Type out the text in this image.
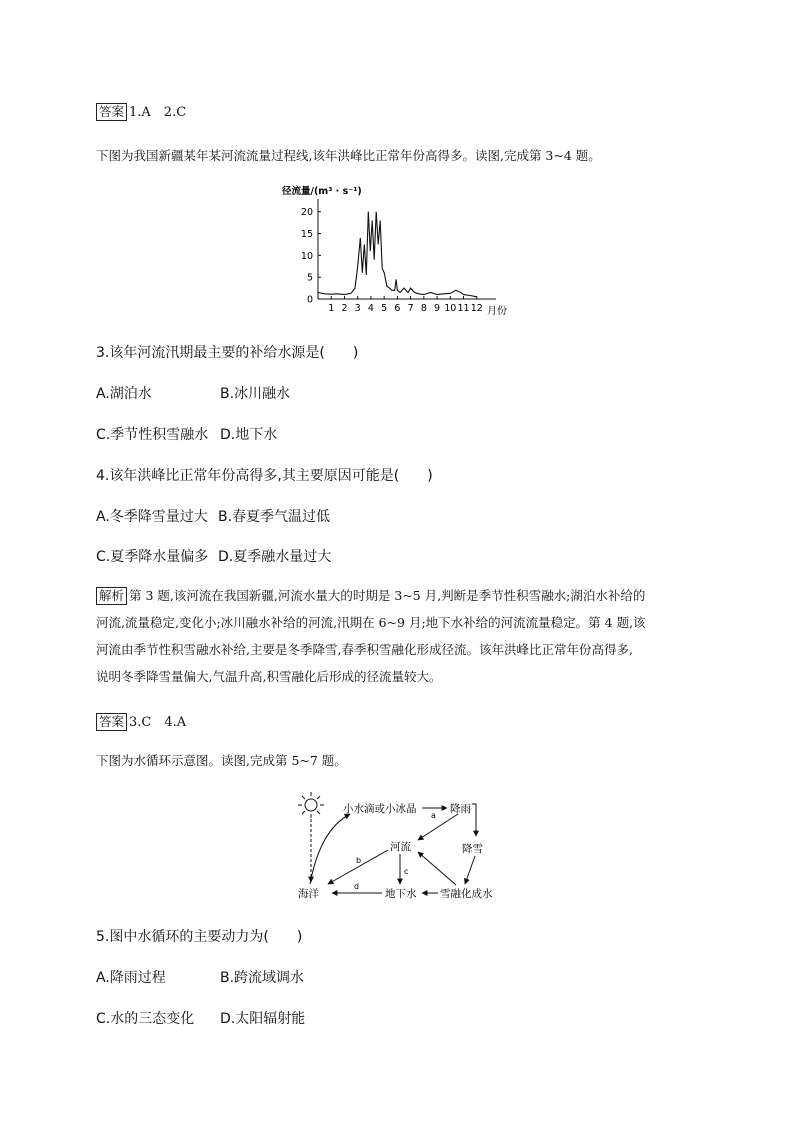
答案 1.A　2.C
下图为我国新疆某年某河流流量过程线,该年洪峰比正常年份高得多。读图,完成第 3~4 题。
径流量/(m³ · s⁻¹)
月份
0
5
10
15
20
1 2 3 4 5 6 7 8 9 10 11 12
3.该年河流汛期最主要的补给水源是(　　)
A.湖泊水	B.冰川融水
C.季节性积雪融水 D.地下水
4.该年洪峰比正常年份高得多,其主要原因可能是(　　)
A.冬季降雪量过大 B.春夏季气温过低
C.夏季降水量偏多 D.夏季融水量过大
解析 第 3 题,该河流在我国新疆,河流水量大的时期是 3~5 月,判断是季节性积雪融水;湖泊水补给的
河流,流量稳定,变化小;冰川融水补给的河流,汛期在 6~9 月;地下水补给的河流流量稳定。第 4 题,该
河流由季节性积雪融水补给,主要是冬季降雪,春季积雪融化形成径流。该年洪峰比正常年份高得多,
说明冬季降雪量偏大,气温升高,积雪融化后形成的径流量较大。
答案 3.C　4.A
下图为水循环示意图。读图,完成第 5~7 题。
小水滴或小冰晶	降雨
降雪
河流
海洋	地下水 雪融化成水
a
b
c
d
5.图中水循环的主要动力为(　　)
A.降雨过程	B.跨流域调水
C.水的三态变化 D.太阳辐射能
